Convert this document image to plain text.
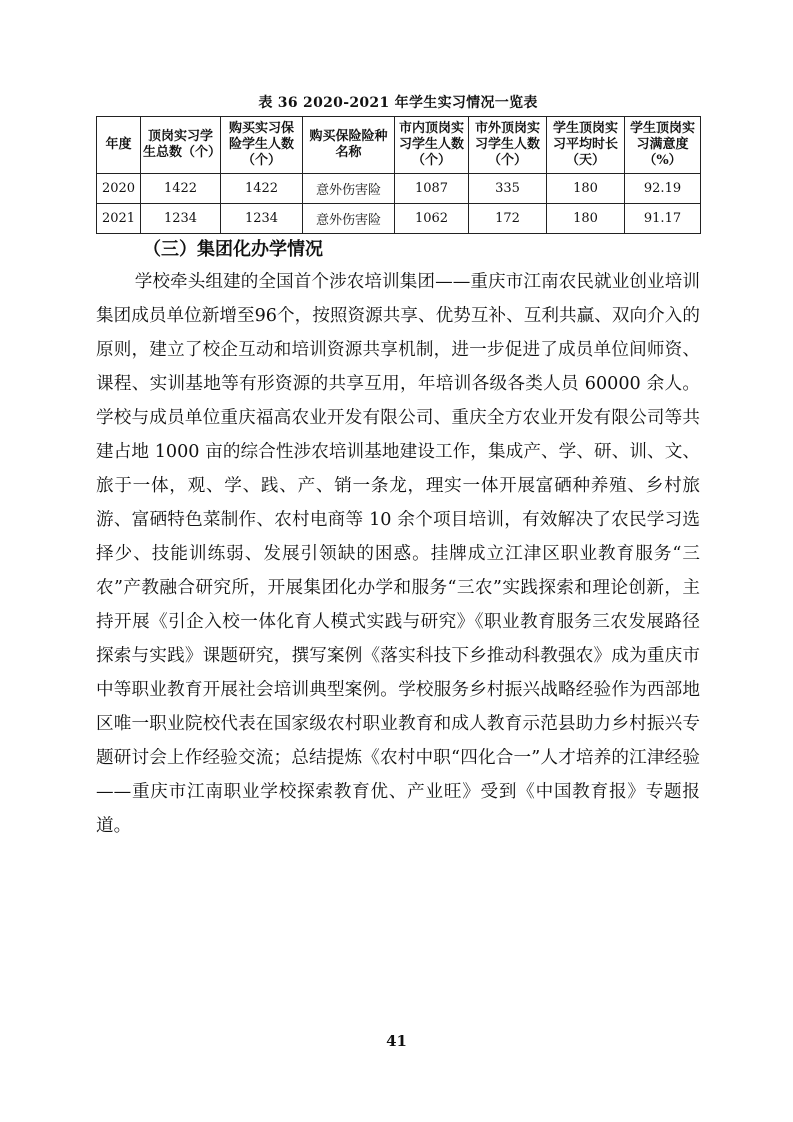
表 36 2020-2021 年学生实习情况一览表
年度	顶岗实习学生总数（个）	购买实习保险学生人数（个）	购买保险险种名称	市内顶岗实习学生人数（个）	市外顶岗实习学生人数（个）	学生顶岗实习平均时长（天）	学生顶岗实习满意度（%）
2020	1422	1422	意外伤害险	1087	335	180	92.19
2021	1234	1234	意外伤害险	1062	172	180	91.17
（三）集团化办学情况

学校牵头组建的全国首个涉农培训集团——重庆市江南农民就业创业培训集团成员单位新增至96个，按照资源共享、优势互补、互利共赢、双向介入的原则，建立了校企互动和培训资源共享机制，进一步促进了成员单位间师资、课程、实训基地等有形资源的共享互用，年培训各级各类人员 60000 余人。学校与成员单位重庆福高农业开发有限公司、重庆全方农业开发有限公司等共建占地 1000 亩的综合性涉农培训基地建设工作，集成产、学、研、训、文、旅于一体，观、学、践、产、销一条龙，理实一体开展富硒种养殖、乡村旅游、富硒特色菜制作、农村电商等 10 余个项目培训，有效解决了农民学习选择少、技能训练弱、发展引领缺的困惑。挂牌成立江津区职业教育服务“三农”产教融合研究所，开展集团化办学和服务“三农”实践探索和理论创新，主持开展《引企入校一体化育人模式实践与研究》《职业教育服务三农发展路径探索与实践》课题研究，撰写案例《落实科技下乡推动科教强农》成为重庆市中等职业教育开展社会培训典型案例。学校服务乡村振兴战略经验作为西部地区唯一职业院校代表在国家级农村职业教育和成人教育示范县助力乡村振兴专题研讨会上作经验交流；总结提炼《农村中职“四化合一”人才培养的江津经验——重庆市江南职业学校探索教育优、产业旺》受到《中国教育报》专题报道。

41
